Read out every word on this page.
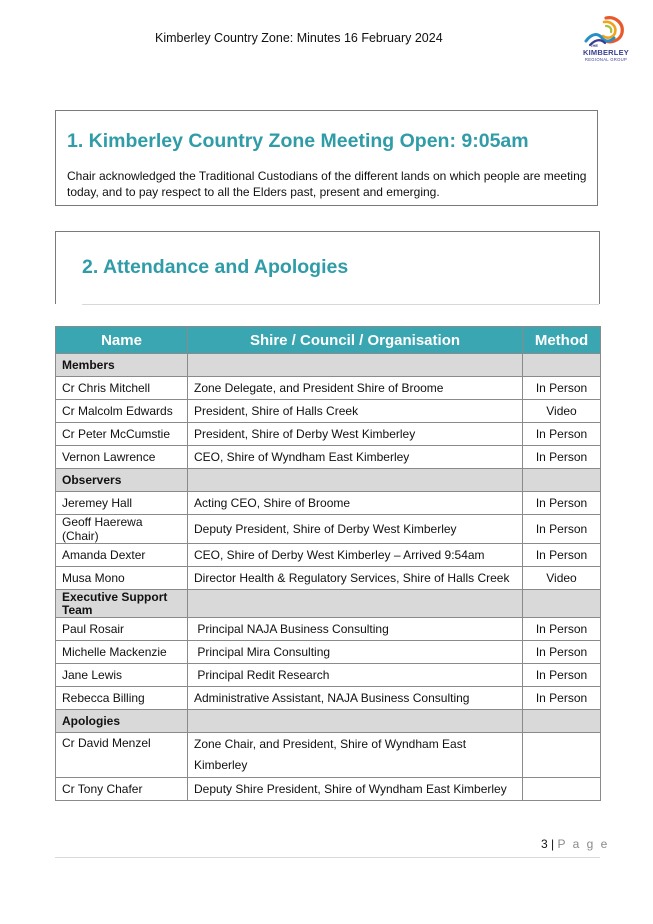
Kimberley Country Zone: Minutes 16 February 2024
THE
KIMBERLEY
REGIONAL GROUP
1. Kimberley Country Zone Meeting Open: 9:05am
Chair acknowledged the Traditional Custodians of the different lands on which people are meeting today, and to pay respect to all the Elders past, present and emerging.
2. Attendance and Apologies
Name	Shire / Council / Organisation	Method
Members		
Cr Chris Mitchell	Zone Delegate, and President Shire of Broome	In Person
Cr Malcolm Edwards	President, Shire of Halls Creek	Video
Cr Peter McCumstie	President, Shire of Derby West Kimberley	In Person
Vernon Lawrence	CEO, Shire of Wyndham East Kimberley	In Person
Observers		
Jeremey Hall	Acting CEO, Shire of Broome	In Person
Geoff Haerewa (Chair)	Deputy President, Shire of Derby West Kimberley	In Person
Amanda Dexter	CEO, Shire of Derby West Kimberley – Arrived 9:54am	In Person
Musa Mono	Director Health & Regulatory Services, Shire of Halls Creek	Video
Executive Support Team		
Paul Rosair	Principal NAJA Business Consulting	In Person
Michelle Mackenzie	Principal Mira Consulting	In Person
Jane Lewis	Principal Redit Research	In Person
Rebecca Billing	Administrative Assistant, NAJA Business Consulting	In Person
Apologies		
Cr David Menzel	Zone Chair, and President, Shire of Wyndham East Kimberley	
Cr Tony Chafer	Deputy Shire President, Shire of Wyndham East Kimberley	
3 | P a g e
